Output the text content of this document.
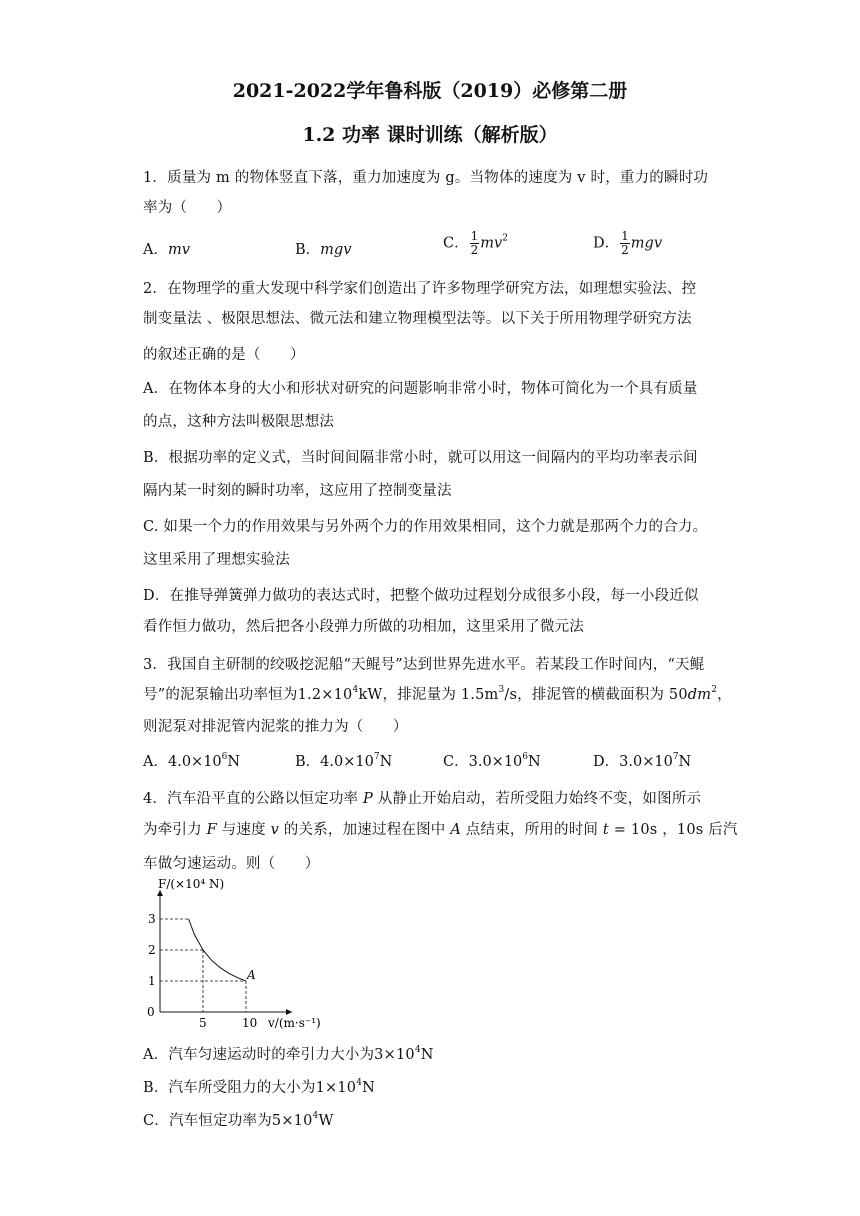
2021-2022学年鲁科版（2019）必修第二册
1.2 功率 课时训练（解析版）
1．质量为 m 的物体竖直下落，重力加速度为 g。当物体的速度为 v 时，重力的瞬时功
率为（　　）
A．mv	B．mgv	C． $\frac{1}{2} mv^2$	D． $\frac{1}{2}$ mgv
2．在物理学的重大发现中科学家们创造出了许多物理学研究方法，如理想实验法、控
制变量法 、极限思想法、微元法和建立物理模型法等。以下关于所用物理学研究方法
的叙述正确的是（　　）
A．在物体本身的大小和形状对研究的问题影响非常小时，物体可简化为一个具有质量
的点，这种方法叫极限思想法
B．根据功率的定义式，当时间间隔非常小时，就可以用这一间隔内的平均功率表示间
隔内某一时刻的瞬时功率，这应用了控制变量法
C. 如果一个力的作用效果与另外两个力的作用效果相同，这个力就是那两个力的合力。
这里采用了理想实验法
D．在推导弹簧弹力做功的表达式时，把整个做功过程划分成很多小段，每一小段近似
看作恒力做功，然后把各小段弹力所做的功相加，这里采用了微元法
3．我国自主研制的绞吸挖泥船“天鲲号”达到世界先进水平。若某段工作时间内，“天鲲
号”的泥泵输出功率恒为$1.2\times 10^4kW$，排泥量为 $1.5m^3/s$，排泥管的横截面积为 $50dm^2$，
则泥泵对排泥管内泥浆的推力为（　　）
A．$4.0\times 10^6N$	B．$4.0\times 10^7N$	C．$3.0\times 10^6N$	D．$3.0\times 10^7N$
4．汽车沿平直的公路以恒定功率 P 从静止开始启动，若所受阻力始终不变，如图所示
为牵引力 F 与速度 v 的关系，加速过程在图中 A 点结束，所用的时间 t = 10s ，10s 后汽
车做匀速运动。则（　　）
3
2
1
5	10
0
A
F/(×10⁴ N)
v/(m·s⁻¹)
A．汽车匀速运动时的牵引力大小为$3\times 10^4N$
B．汽车所受阻力的大小为$1\times 10^4N$
C．汽车恒定功率为$5\times 10^4W$
